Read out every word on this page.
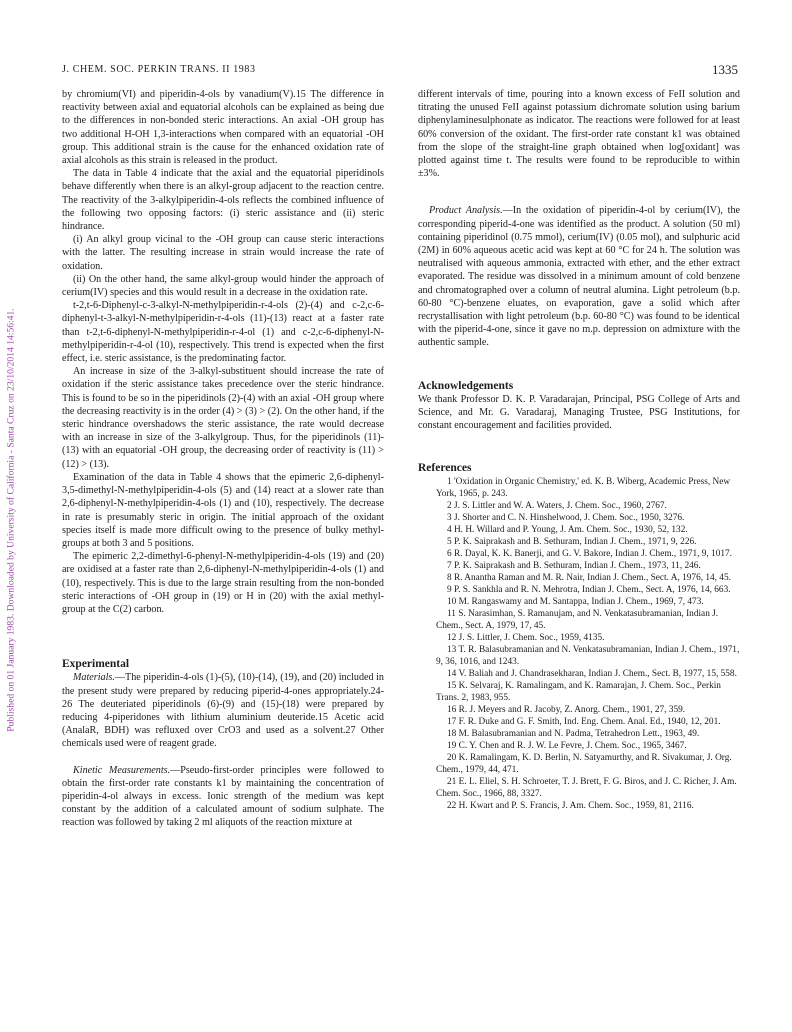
Published on 01 January 1983. Downloaded by University of California - Santa Cruz on 23/10/2014 14:56:41.
J. CHEM. SOC. PERKIN TRANS. II 1983	1335

by chromium(VI) and piperidin-4-ols by vanadium(V).15 The difference in reactivity between axial and equatorial alcohols can be explained as being due to the differences in non-bonded steric interactions. An axial -OH group has two additional H-OH 1,3-interactions when compared with an equatorial -OH group. This additional strain is the cause for the enhanced oxidation rate of axial alcohols as this strain is released in the product.

The data in Table 4 indicate that the axial and the equatorial piperidinols behave differently when there is an alkyl-group adjacent to the reaction centre. The reactivity of the 3-alkylpiperidin-4-ols reflects the combined influence of the following two opposing factors: (i) steric assistance and (ii) steric hindrance.

(i) An alkyl group vicinal to the -OH group can cause steric interactions with the latter. The resulting increase in strain would increase the rate of oxidation.

(ii) On the other hand, the same alkyl-group would hinder the approach of cerium(IV) species and this would result in a decrease in the oxidation rate.

t-2,t-6-Diphenyl-c-3-alkyl-N-methylpiperidin-r-4-ols (2)-(4) and c-2,c-6-diphenyl-t-3-alkyl-N-methylpiperidin-r-4-ols (11)-(13) react at a faster rate than t-2,t-6-diphenyl-N-methylpiperidin-r-4-ol (1) and c-2,c-6-diphenyl-N-methylpiperidin-r-4-ol (10), respectively. This trend is expected when the first effect, i.e. steric assistance, is the predominating factor.

An increase in size of the 3-alkyl-substituent should increase the rate of oxidation if the steric assistance takes precedence over the steric hindrance. This is found to be so in the piperidinols (2)-(4) with an axial -OH group where the decreasing reactivity is in the order (4) > (3) > (2). On the other hand, if the steric hindrance overshadows the steric assistance, the rate would decrease with an increase in size of the 3-alkylgroup. Thus, for the piperidinols (11)-(13) with an equatorial -OH group, the decreasing order of reactivity is (11) > (12) > (13).

Examination of the data in Table 4 shows that the epimeric 2,6-diphenyl-3,5-dimethyl-N-methylpiperidin-4-ols (5) and (14) react at a slower rate than 2,6-diphenyl-N-methylpiperidin-4-ols (1) and (10), respectively. The decrease in rate is presumably steric in origin. The initial approach of the oxidant species itself is made more difficult owing to the presence of bulky methyl-groups at both 3 and 5 positions.

The epimeric 2,2-dimethyl-6-phenyl-N-methylpiperidin-4-ols (19) and (20) are oxidised at a faster rate than 2,6-diphenyl-N-methylpiperidin-4-ols (1) and (10), respectively. This is due to the large strain resulting from the non-bonded steric interactions of -OH group in (19) or H in (20) with the axial methyl-group at the C(2) carbon.

Experimental

Materials.—The piperidin-4-ols (1)-(5), (10)-(14), (19), and (20) included in the present study were prepared by reducing piperid-4-ones appropriately.24-26 The deuteriated piperidinols (6)-(9) and (15)-(18) were prepared by reducing 4-piperidones with lithium aluminium deuteride.15 Acetic acid (AnalaR, BDH) was refluxed over CrO3 and used as a solvent.27 Other chemicals used were of reagent grade.

Kinetic Measurements.—Pseudo-first-order principles were followed to obtain the first-order rate constants k1 by maintaining the concentration of piperidin-4-ol always in excess. Ionic strength of the medium was kept constant by the addition of a calculated amount of sodium sulphate. The reaction was followed by taking 2 ml aliquots of the reaction mixture at

different intervals of time, pouring into a known excess of FeII solution and titrating the unused FeII against potassium dichromate solution using barium diphenylaminesulphonate as indicator. The reactions were followed for at least 60% conversion of the oxidant. The first-order rate constant k1 was obtained from the slope of the straight-line graph obtained when log[oxidant] was plotted against time t. The results were found to be reproducible to within ±3%.

Product Analysis.—In the oxidation of piperidin-4-ol by cerium(IV), the corresponding piperid-4-one was identified as the product. A solution (50 ml) containing piperidinol (0.75 mmol), cerium(IV) (0.05 mol), and sulphuric acid (2M) in 60% aqueous acetic acid was kept at 60 °C for 24 h. The solution was neutralised with aqueous ammonia, extracted with ether, and the ether extract evaporated. The residue was dissolved in a minimum amount of cold benzene and chromatographed over a column of neutral alumina. Light petroleum (b.p. 60-80 °C)-benzene eluates, on evaporation, gave a solid which after recrystallisation with light petroleum (b.p. 60-80 °C) was found to be identical with the piperid-4-one, since it gave no m.p. depression on admixture with the authentic sample.

Acknowledgements

We thank Professor D. K. P. Varadarajan, Principal, PSG College of Arts and Science, and Mr. G. Varadaraj, Managing Trustee, PSG Institutions, for constant encouragement and facilities provided.

References

1 'Oxidation in Organic Chemistry,' ed. K. B. Wiberg, Academic Press, New York, 1965, p. 243.

2 J. S. Littler and W. A. Waters, J. Chem. Soc., 1960, 2767.

3 J. Shorter and C. N. Hinshelwood, J. Chem. Soc., 1950, 3276.

4 H. H. Willard and P. Young, J. Am. Chem. Soc., 1930, 52, 132.

5 P. K. Saiprakash and B. Sethuram, Indian J. Chem., 1971, 9, 226.

6 R. Dayal, K. K. Banerji, and G. V. Bakore, Indian J. Chem., 1971, 9, 1017.

7 P. K. Saiprakash and B. Sethuram, Indian J. Chem., 1973, 11, 246.

8 R. Anantha Raman and M. R. Nair, Indian J. Chem., Sect. A, 1976, 14, 45.

9 P. S. Sankhla and R. N. Mehrotra, Indian J. Chem., Sect. A, 1976, 14, 663.

10 M. Rangaswamy and M. Santappa, Indian J. Chem., 1969, 7, 473.

11 S. Narasimhan, S. Ramanujam, and N. Venkatasubramanian, Indian J. Chem., Sect. A, 1979, 17, 45.

12 J. S. Littler, J. Chem. Soc., 1959, 4135.

13 T. R. Balasubramanian and N. Venkatasubramanian, Indian J. Chem., 1971, 9, 36, 1016, and 1243.

14 V. Baliah and J. Chandrasekharan, Indian J. Chem., Sect. B, 1977, 15, 558.

15 K. Selvaraj, K. Ramalingam, and K. Ramarajan, J. Chem. Soc., Perkin Trans. 2, 1983, 955.

16 R. J. Meyers and R. Jacoby, Z. Anorg. Chem., 1901, 27, 359.

17 F. R. Duke and G. F. Smith, Ind. Eng. Chem. Anal. Ed., 1940, 12, 201.

18 M. Balasubramanian and N. Padma, Tetrahedron Lett., 1963, 49.

19 C. Y. Chen and R. J. W. Le Fevre, J. Chem. Soc., 1965, 3467.

20 K. Ramalingam, K. D. Berlin, N. Satyamurthy, and R. Sivakumar, J. Org. Chem., 1979, 44, 471.

21 E. L. Eliel, S. H. Schroeter, T. J. Brett, F. G. Biros, and J. C. Richer, J. Am. Chem. Soc., 1966, 88, 3327.

22 H. Kwart and P. S. Francis, J. Am. Chem. Soc., 1959, 81, 2116.
